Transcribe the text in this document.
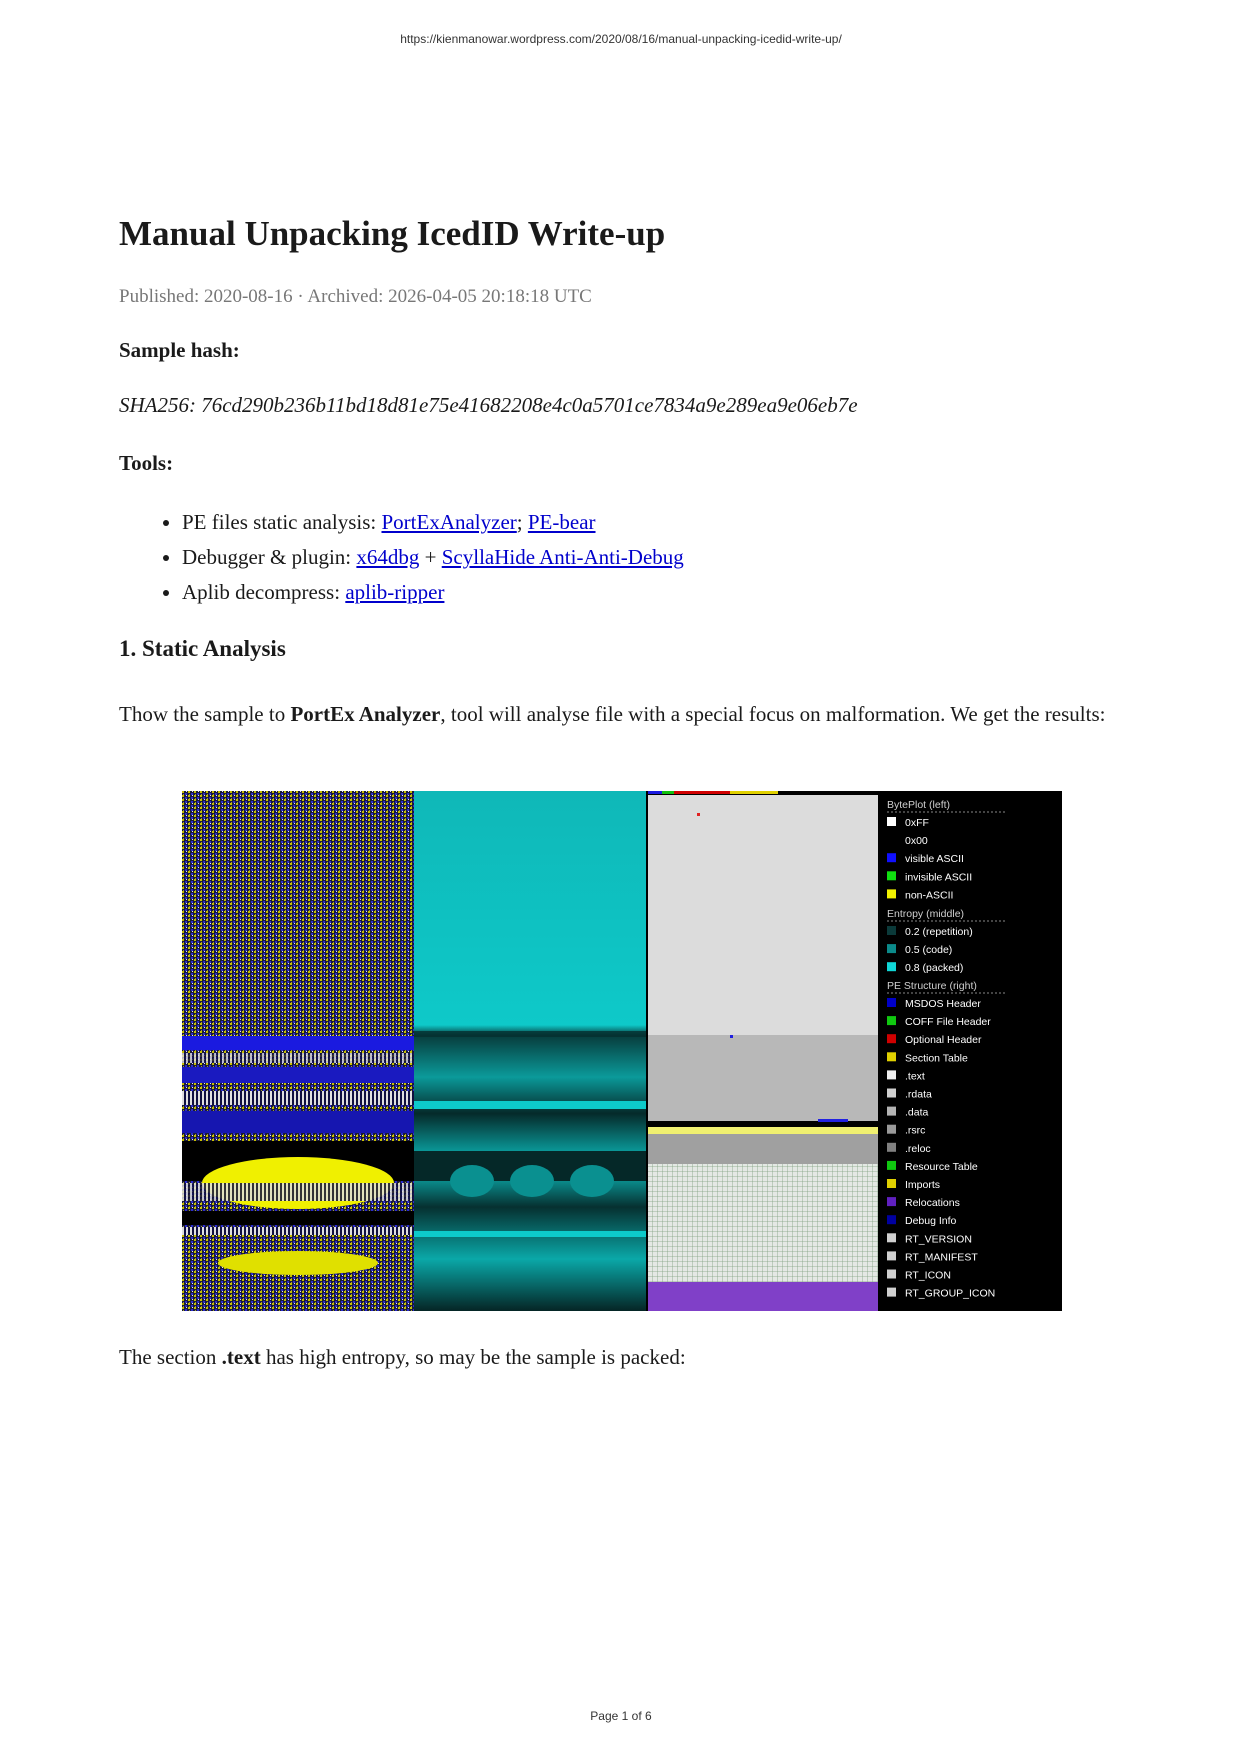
https://kienmanowar.wordpress.com/2020/08/16/manual-unpacking-icedid-write-up/
Manual Unpacking IcedID Write-up
Published: 2020-08-16 · Archived: 2026-04-05 20:18:18 UTC
Sample hash:
SHA256: 76cd290b236b11bd18d81e75e41682208e4c0a5701ce7834a9e289ea9e06eb7e
Tools:
• PE files static analysis: PortExAnalyzer; PE-bear
• Debugger & plugin: x64dbg + ScyllaHide Anti-Anti-Debug
• Aplib decompress: aplib-ripper
1. Static Analysis

Thow the sample to PortEx Analyzer, tool will analyse file with a special focus on malformation. We get the results:

BytePlot (left)
0xFF
0x00
visible ASCII
invisible ASCII
non-ASCII
Entropy (middle)
0.2 (repetition)
0.5 (code)
0.8 (packed)
PE Structure (right)
MSDOS Header
COFF File Header
Optional Header
Section Table
.text
.rdata
.data
.rsrc
.reloc
Resource Table
Imports
Relocations
Debug Info
RT_VERSION
RT_MANIFEST
RT_ICON
RT_GROUP_ICON

The section .text has high entropy, so may be the sample is packed:

Page 1 of 6
